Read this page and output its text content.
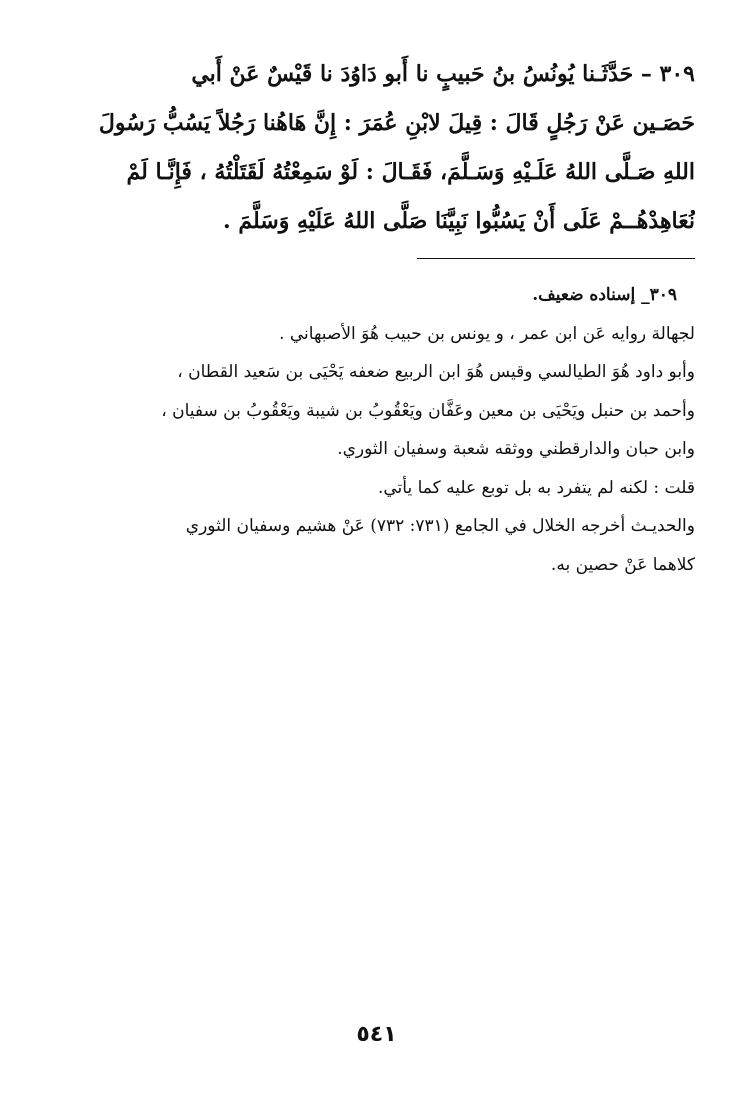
٣٠٩ – حَدَّثَـنا يُونُسُ بنُ حَبيبٍ نا أَبو دَاوُدَ نا قَيْسٌ عَنْ أَبي
حَصَـين عَنْ رَجُلٍ قَالَ : قِيلَ لابْنِ عُمَرَ : إِنَّ هَاهُنا رَجُلاً يَسُبُّ رَسُولَ
اللهِ صَـلَّى اللهُ عَلَـيْهِ وَسَـلَّمَ، فَقَـالَ : لَوْ سَمِعْتُهُ لَقَتَلْتُهُ ، فَإِنَّـا لَمْ
نُعَاهِدْهُــمْ عَلَى أَنْ يَسُبُّوا نَبِيَّنَا صَلَّى اللهُ عَلَيْهِ وَسَلَّمَ .
٣٠٩_ إسناده ضعيف.
لجهالة روايه عَن ابن عمر ، و يونس بن حبيب هُوَ الأصبهاني .
وأبو داود هُوَ الطيالسي وقيس هُوَ ابن الربيع ضعفه يَحْيَى بن سَعيد القطان ،
وأحمد بن حنبل ويَحْيَى بن معين وعَفَّان ويَعْقُوبُ بن شيبة ويَعْقُوبُ بن سفيان ،
وابن حبان والدارقطني ووثقه شعبة وسفيان الثوري.
قلت : لكنه لم يتفرد به بل توبع عليه كما يأتي.
والحديـث أخرجه الخلال في الجامع (٧٣١: ٧٣٢) عَنْ هشيم وسفيان الثوري
كلاهما عَنْ حصين به.
٥٤١
